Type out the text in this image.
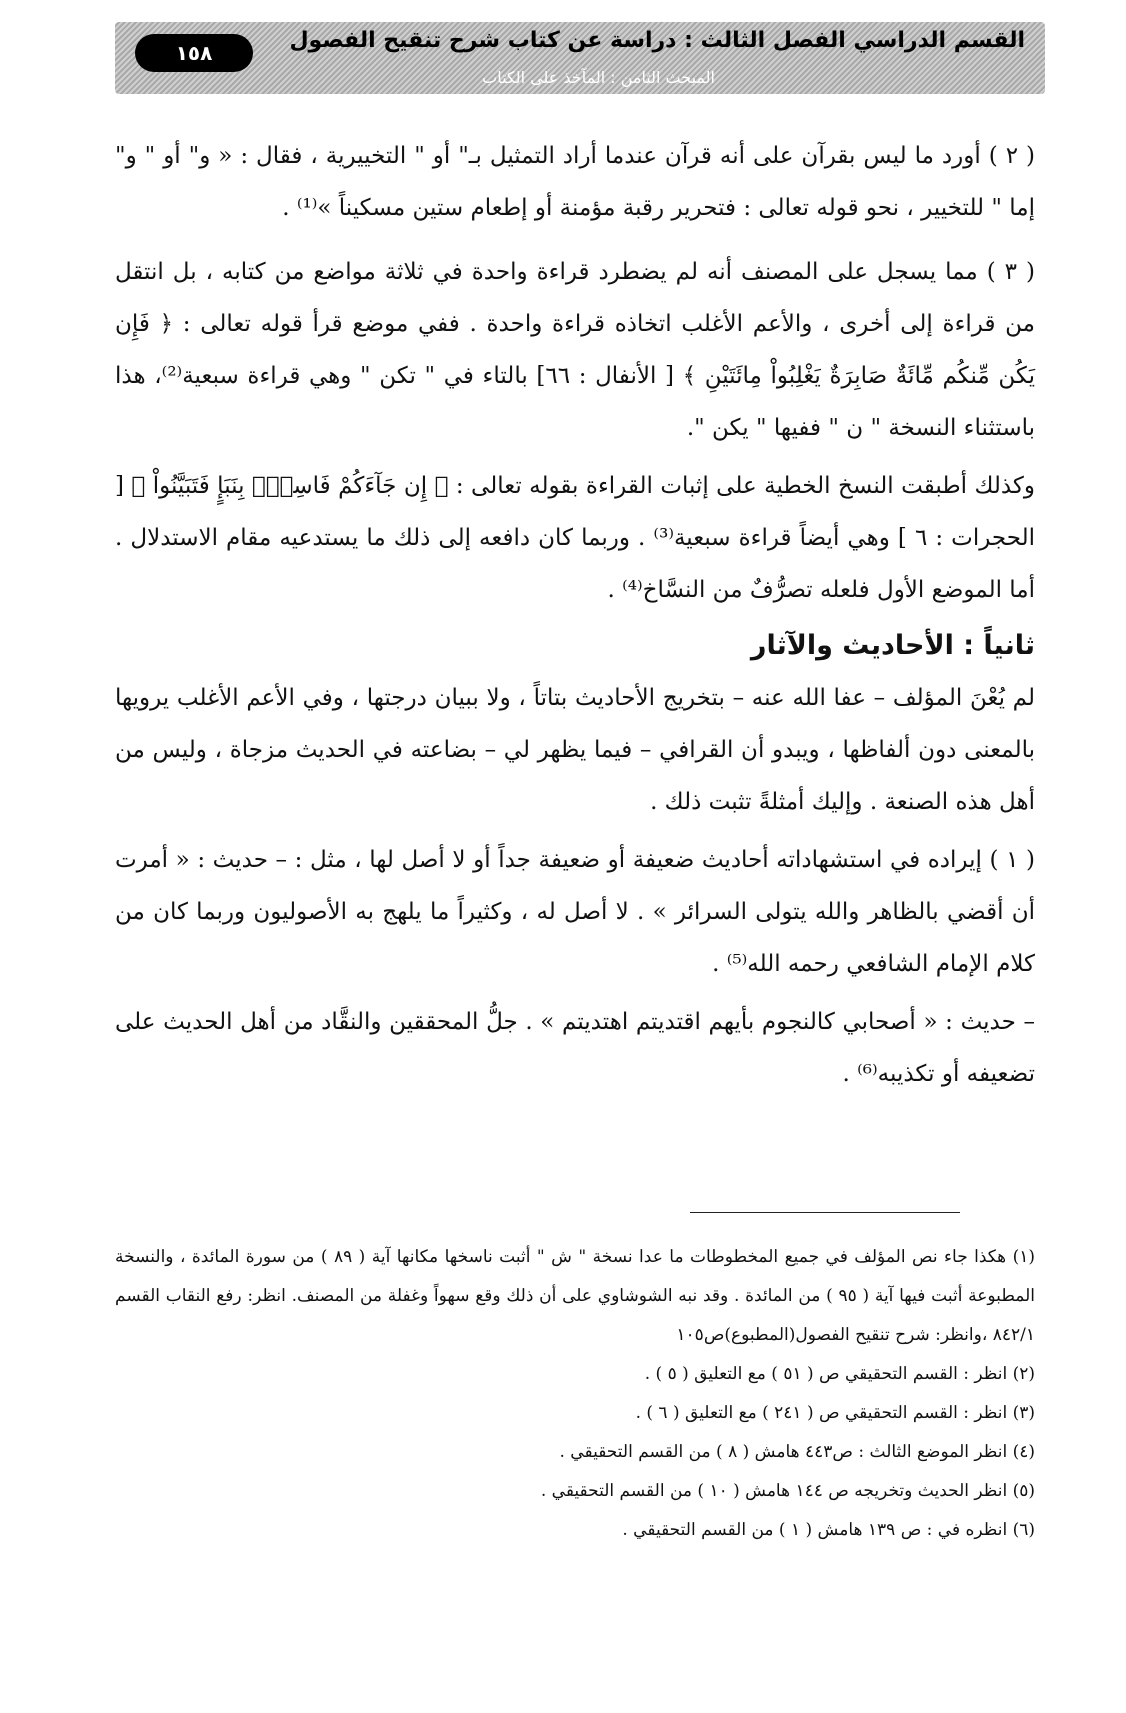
القسم الدراسي الفصل الثالث : دراسة عن كتاب شرح تنقيح الفصول
المبحث الثامن : المآخذ على الكتاب
١٥٨

( ٢ ) أورد ما ليس بقرآن على أنه قرآن عندما أراد التمثيل بـ" أو " التخييرية ، فقال : « و" أو " و" إما " للتخيير ، نحو قوله تعالى : فتحرير رقبة مؤمنة أو إطعام ستين مسكيناً »⁽¹⁾ .

( ٣ ) مما يسجل على المصنف أنه لم يضطرد قراءة واحدة في ثلاثة مواضع من كتابه ، بل انتقل من قراءة إلى أخرى ، والأعم الأغلب اتخاذه قراءة واحدة . ففي موضع قرأ قوله تعالى : ﴿ فَإِن يَكُن مِّنكُم مِّائَةٌ صَابِرَةٌ يَغْلِبُواْ مِائَتَيْنِ ﴾ [ الأنفال : ٦٦] بالتاء في " تكن " وهي قراءة سبعية⁽²⁾، هذا باستثناء النسخة " ن " ففيها " يكن ".

وكذلك أطبقت النسخ الخطية على إثبات القراءة بقوله تعالى : ﴿ إِن جَآءَكُمْ فَاسِقُۢ بِنَبَإٍ فَتَبَيَّنُواْ ﴾ [ الحجرات : ٦ ] وهي أيضاً قراءة سبعية⁽³⁾ . وربما كان دافعه إلى ذلك ما يستدعيه مقام الاستدلال . أما الموضع الأول فلعله تصرُّفٌ من النسَّاخ⁽⁴⁾ .

ثانياً : الأحاديث والآثار

لم يُعْنَ المؤلف – عفا الله عنه – بتخريج الأحاديث بتاتاً ، ولا ببيان درجتها ، وفي الأعم الأغلب يرويها بالمعنى دون ألفاظها ، ويبدو أن القرافي – فيما يظهر لي – بضاعته في الحديث مزجاة ، وليس من أهل هذه الصنعة . وإليك أمثلةً تثبت ذلك .

( ١ ) إيراده في استشهاداته أحاديث ضعيفة أو ضعيفة جداً أو لا أصل لها ، مثل : – حديث : « أمرت أن أقضي بالظاهر والله يتولى السرائر » . لا أصل له ، وكثيراً ما يلهج به الأصوليون وربما كان من كلام الإمام الشافعي رحمه الله⁽⁵⁾ .

– حديث : « أصحابي كالنجوم بأيهم اقتديتم اهتديتم » . جلُّ المحققين والنقَّاد من أهل الحديث على تضعيفه أو تكذيبه⁽⁶⁾ .

(١) هكذا جاء نص المؤلف في جميع المخطوطات ما عدا نسخة " ش " أثبت ناسخها مكانها آية ( ٨٩ ) من سورة المائدة ، والنسخة المطبوعة أثبت فيها آية ( ٩٥ ) من المائدة . وقد نبه الشوشاوي على أن ذلك وقع سهواً وغفلة من المصنف. انظر: رفع النقاب القسم ٨٤٢/١ ،وانظر: شرح تنقيح الفصول(المطبوع)ص١٠٥

(٢) انظر : القسم التحقيقي ص ( ٥١ ) مع التعليق ( ٥ ) .

(٣) انظر : القسم التحقيقي ص ( ٢٤١ ) مع التعليق ( ٦ ) .

(٤) انظر الموضع الثالث : ص٤٤٣ هامش ( ٨ ) من القسم التحقيقي .

(٥) انظر الحديث وتخريجه ص ١٤٤ هامش ( ١٠ ) من القسم التحقيقي .

(٦) انظره في : ص ١٣٩ هامش ( ١ ) من القسم التحقيقي .
